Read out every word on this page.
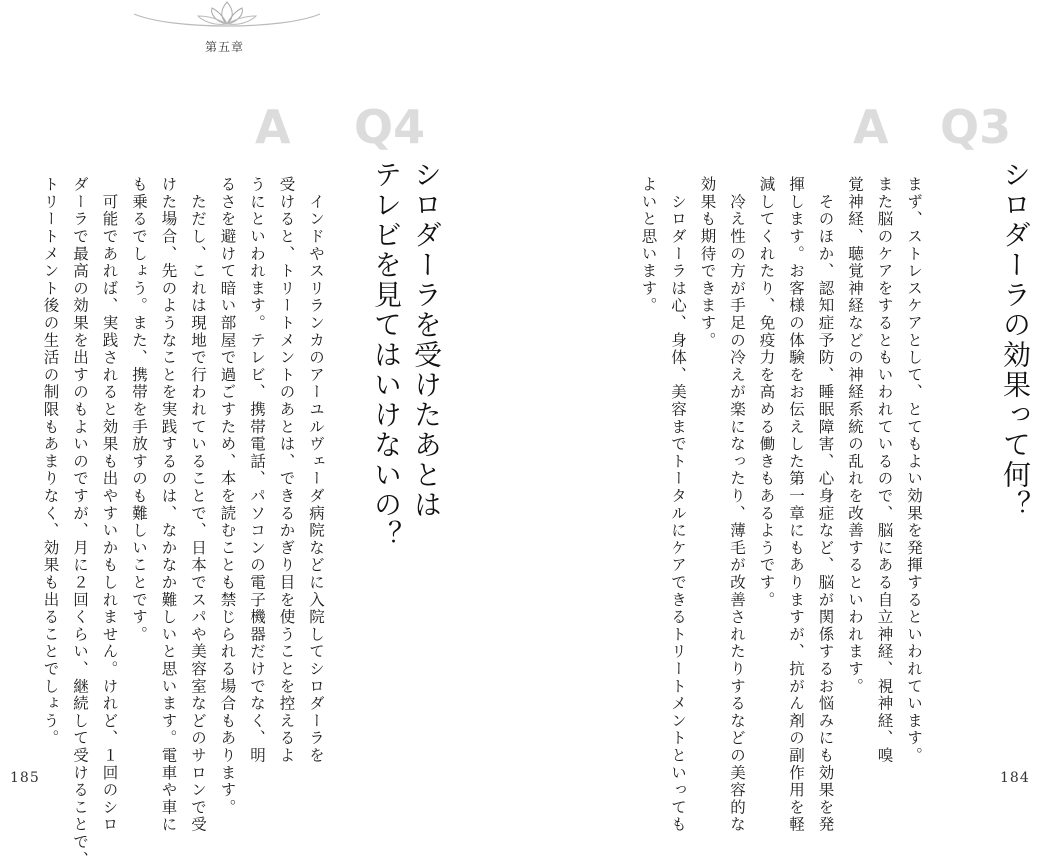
第五章
Q3
A
シロダーラの効果って何？
まず、ストレスケアとして、とてもよい効果を発揮するといわれています。
また脳のケアをするともいわれているので、脳にある自立神経、視神経、嗅
覚神経、聴覚神経などの神経系統の乱れを改善するといわれます。
　そのほか、認知症予防、睡眠障害、心身症など、脳が関係するお悩みにも効果を発
揮します。お客様の体験をお伝えした第一章にもありますが、抗がん剤の副作用を軽
減してくれたり、免疫力を高める働きもあるようです。
　冷え性の方が手足の冷えが楽になったり、薄毛が改善されたりするなどの美容的な
効果も期待できます。
　シロダーラは心、身体、美容までトータルにケアできるトリートメントといっても
よいと思います。
Q4
A
シロダーラを受けたあとは
テレビを見てはいけないの？
　インドやスリランカのアーユルヴェーダ病院などに入院してシロダーラを
受けると、トリートメントのあとは、できるかぎり目を使うことを控えるよ
うにといわれます。テレビ、携帯電話、パソコンの電子機器だけでなく、明
るさを避けて暗い部屋で過ごすため、本を読むことも禁じられる場合もあります。
　ただし、これは現地で行われていることで、日本でスパや美容室などのサロンで受
けた場合、先のようなことを実践するのは、なかなか難しいと思います。電車や車に
も乗るでしょう。また、携帯を手放すのも難しいことです。
　可能であれば、実践されると効果も出やすいかもしれません。けれど、１回のシロ
ダーラで最高の効果を出すのもよいのですが、月に２回くらい、継続して受けることで、
トリートメント後の生活の制限もあまりなく、効果も出ることでしょう。
185	184
